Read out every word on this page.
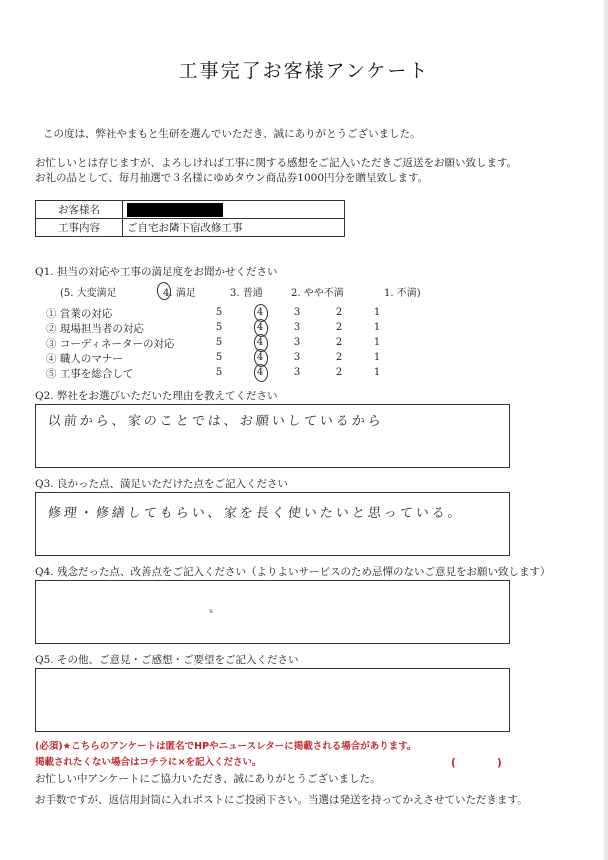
工事完了お客様アンケート
この度は、弊社やまもと生研を選んでいただき、誠にありがとうございました。
お忙しいとは存じますが、よろしければ工事に関する感想をご記入いただきご返送をお願い致します。
お礼の品として、毎月抽選で３名様にゆめタウン商品券1000円分を贈呈致します。
お客様名	
工事内容	ご自宅お隣下宿改修工事
Q1. 担当の対応や工事の満足度をお聞かせください
(5. 大変満足	4. 満足	3. 普通	2. やや不満	1. 不満)
① 営業の対応	5	4	3	2	1
② 現場担当者の対応	5	4	3	2	1
③ コーディネーターの対応	5	4	3	2	1
④ 職人のマナー	5	4	3	2	1
⑤ 工事を総合して	5	4	3	2	1
Q2. 弊社をお選びいただいた理由を教えてください
以前から、家のことでは、お願いしているから
Q3. 良かった点、満足いただけた点をご記入ください
修理・修繕してもらい、家を長く使いたいと思っている。
Q4. 残念だった点、改善点をご記入ください（よりよいサービスのため忌憚のないご意見をお願い致します）
ｘ
Q5. その他、ご意見・ご感想・ご要望をご記入ください
(必須)★こちらのアンケートは匿名でHPやニュースレターに掲載される場合があります。
掲載されたくない場合はコチラに×を記入ください。	(	)
お忙しい中アンケートにご協力いただき、誠にありがとうございました。
お手数ですが、返信用封筒に入れポストにご投函下さい。当選は発送を持ってかえさせていただきます。
